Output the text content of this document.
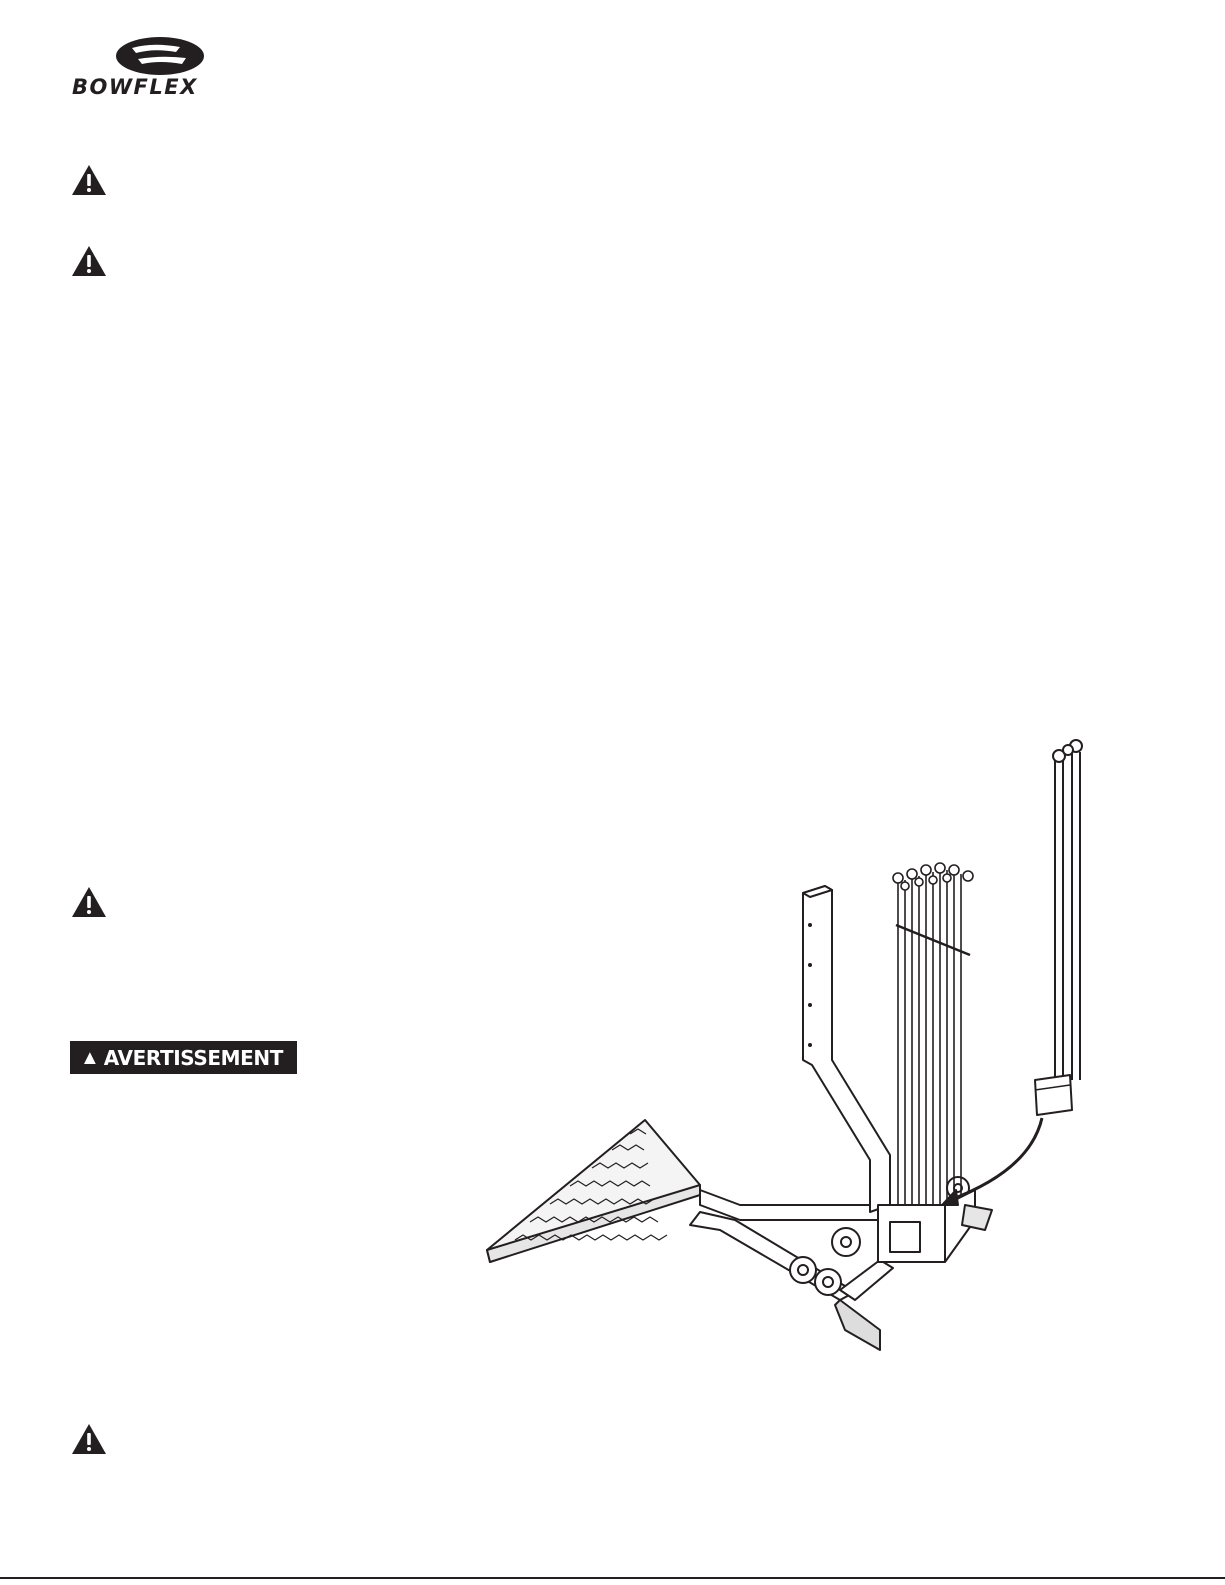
BOWFLEX
▲ AVERTISSEMENT
